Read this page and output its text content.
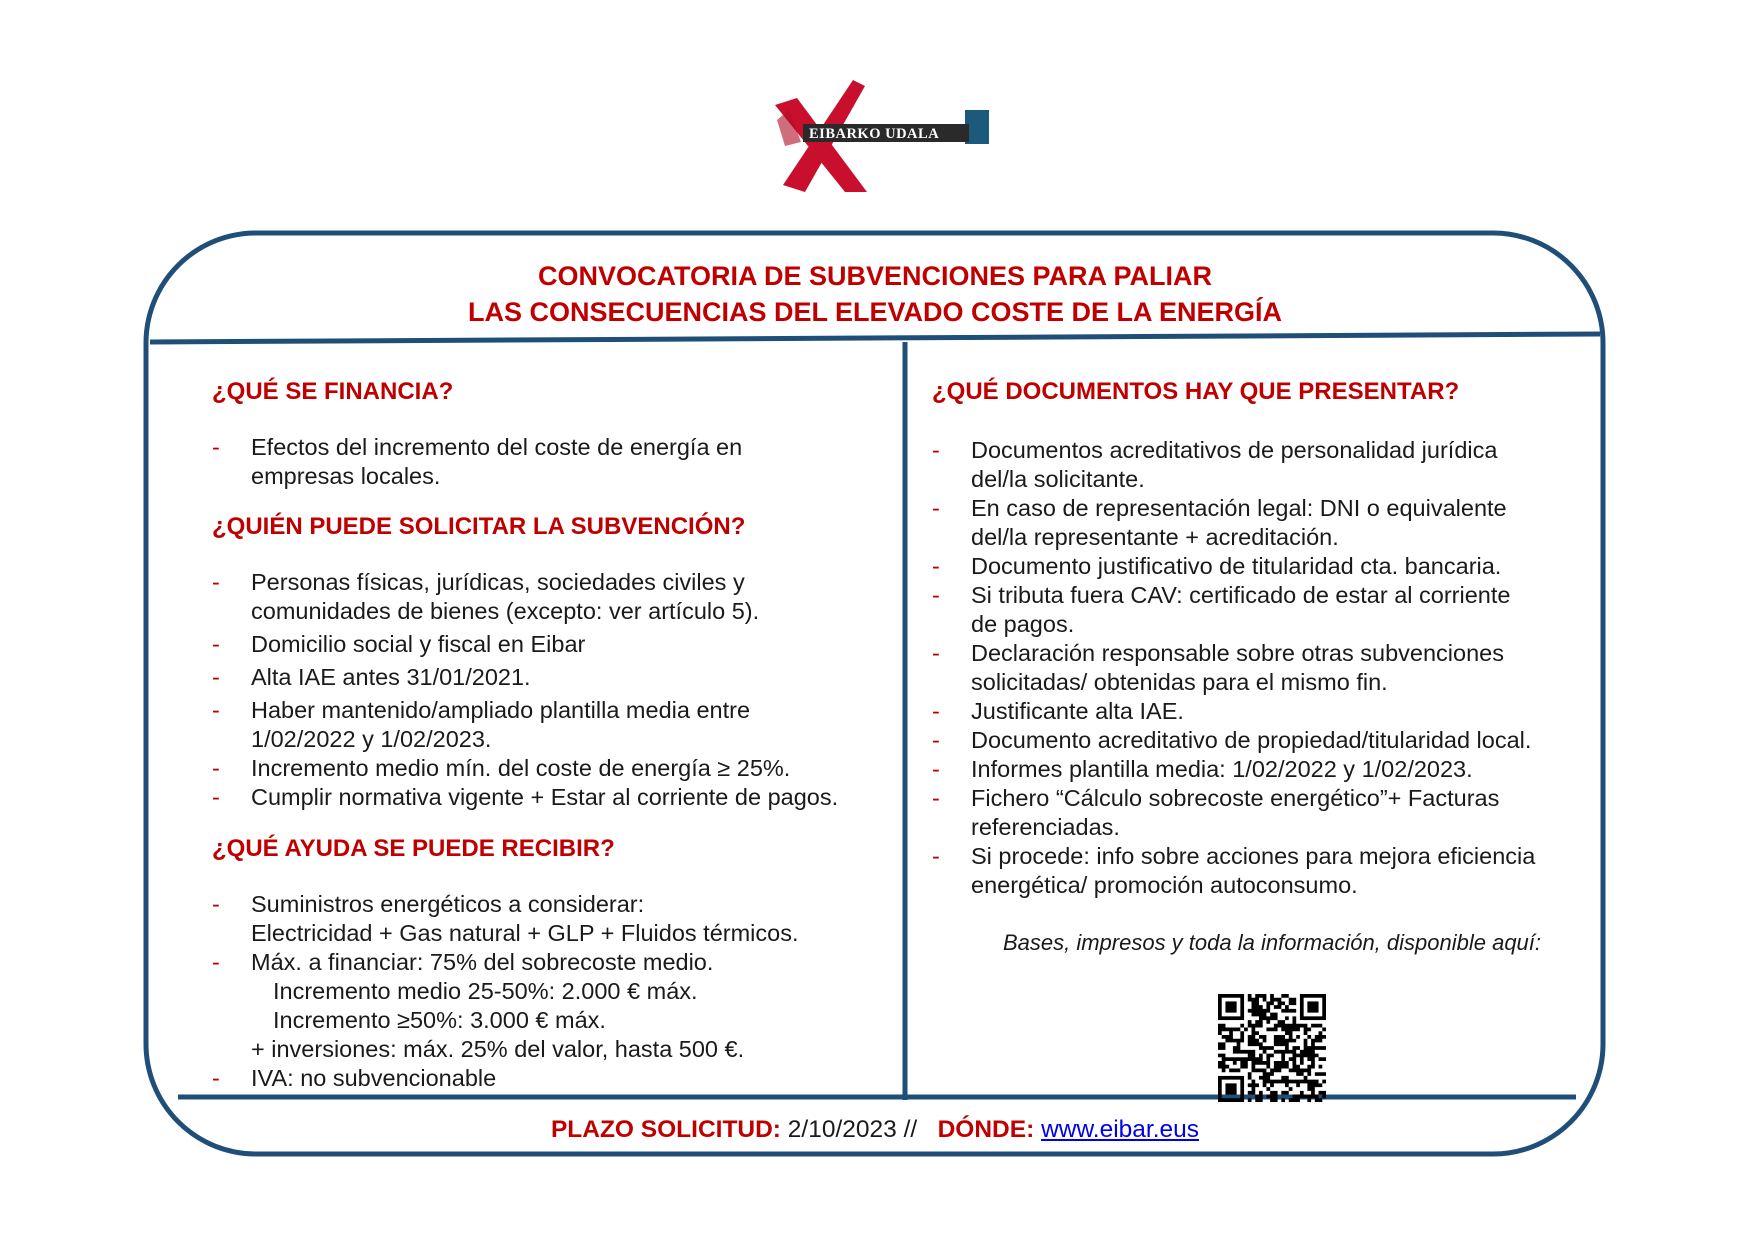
EIBARKO UDALA
CONVOCATORIA DE SUBVENCIONES PARA PALIAR
LAS CONSECUENCIAS DEL ELEVADO COSTE DE LA ENERGÍA
¿QUÉ SE FINANCIA?
- Efectos del incremento del coste de energía en
empresas locales.
¿QUIÉN PUEDE SOLICITAR LA SUBVENCIÓN?
- Personas físicas, jurídicas, sociedades civiles y
comunidades de bienes (excepto: ver artículo 5).
- Domicilio social y fiscal en Eibar
- Alta IAE antes 31/01/2021.
- Haber mantenido/ampliado plantilla media entre
1/02/2022 y 1/02/2023.
- Incremento medio mín. del coste de energía ≥ 25%.
- Cumplir normativa vigente + Estar al corriente de pagos.
¿QUÉ AYUDA SE PUEDE RECIBIR?
- Suministros energéticos a considerar:
Electricidad + Gas natural + GLP + Fluidos térmicos.
- Máx. a financiar: 75% del sobrecoste medio.
Incremento medio 25-50%: 2.000 € máx.
Incremento ≥50%: 3.000 € máx.
+ inversiones: máx. 25% del valor, hasta 500 €.
- IVA: no subvencionable
¿QUÉ DOCUMENTOS HAY QUE PRESENTAR?
- Documentos acreditativos de personalidad jurídica
del/la solicitante.
- En caso de representación legal: DNI o equivalente
del/la representante + acreditación.
- Documento justificativo de titularidad cta. bancaria.
- Si tributa fuera CAV: certificado de estar al corriente
de pagos.
- Declaración responsable sobre otras subvenciones
solicitadas/ obtenidas para el mismo fin.
- Justificante alta IAE.
- Documento acreditativo de propiedad/titularidad local.
- Informes plantilla media: 1/02/2022 y 1/02/2023.
- Fichero “Cálculo sobrecoste energético”+ Facturas
referenciadas.
- Si procede: info sobre acciones para mejora eficiencia
energética/ promoción autoconsumo.
Bases, impresos y toda la información, disponible aquí:
PLAZO SOLICITUD: 2/10/2023 // DÓNDE: www.eibar.eus
